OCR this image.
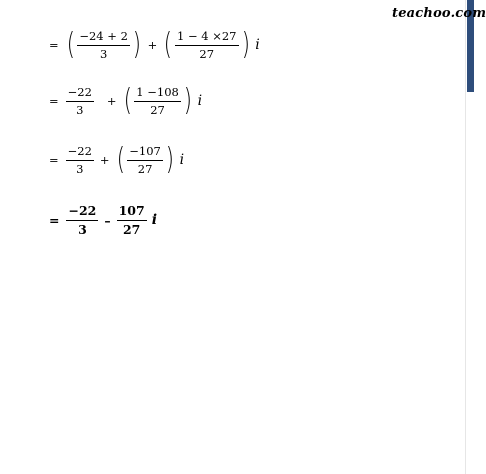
teachoo.com
= ( $\frac{-24 + 2}{3}$ ) + ( $\frac{1 - 4 \times 27}{27}$ ) i
= $\frac{-22}{3}$ + ( $\frac{1 -108}{27}$ ) i
= $\frac{-22}{3}$ + ( $\frac{-107}{27}$ ) i
= $\frac{-22}{3} - \frac{107}{27}$ i
